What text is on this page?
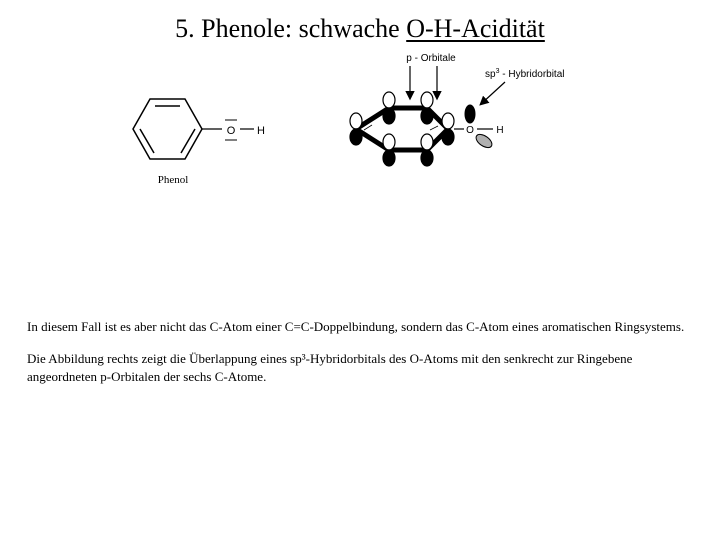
5. Phenole: schwache O-H-Acidität
O H
Phenol
O H
p - Orbitale
$sp^3$ - Hybridorbital

In diesem Fall ist es aber nicht das C-Atom einer C=C-Doppelbindung, sondern das C-Atom eines aromatischen Ringsystems.

Die Abbildung rechts zeigt die Überlappung eines sp³-Hybridorbitals des O-Atoms mit den senkrecht zur Ringebene angeordneten p-Orbitalen der sechs C-Atome.
